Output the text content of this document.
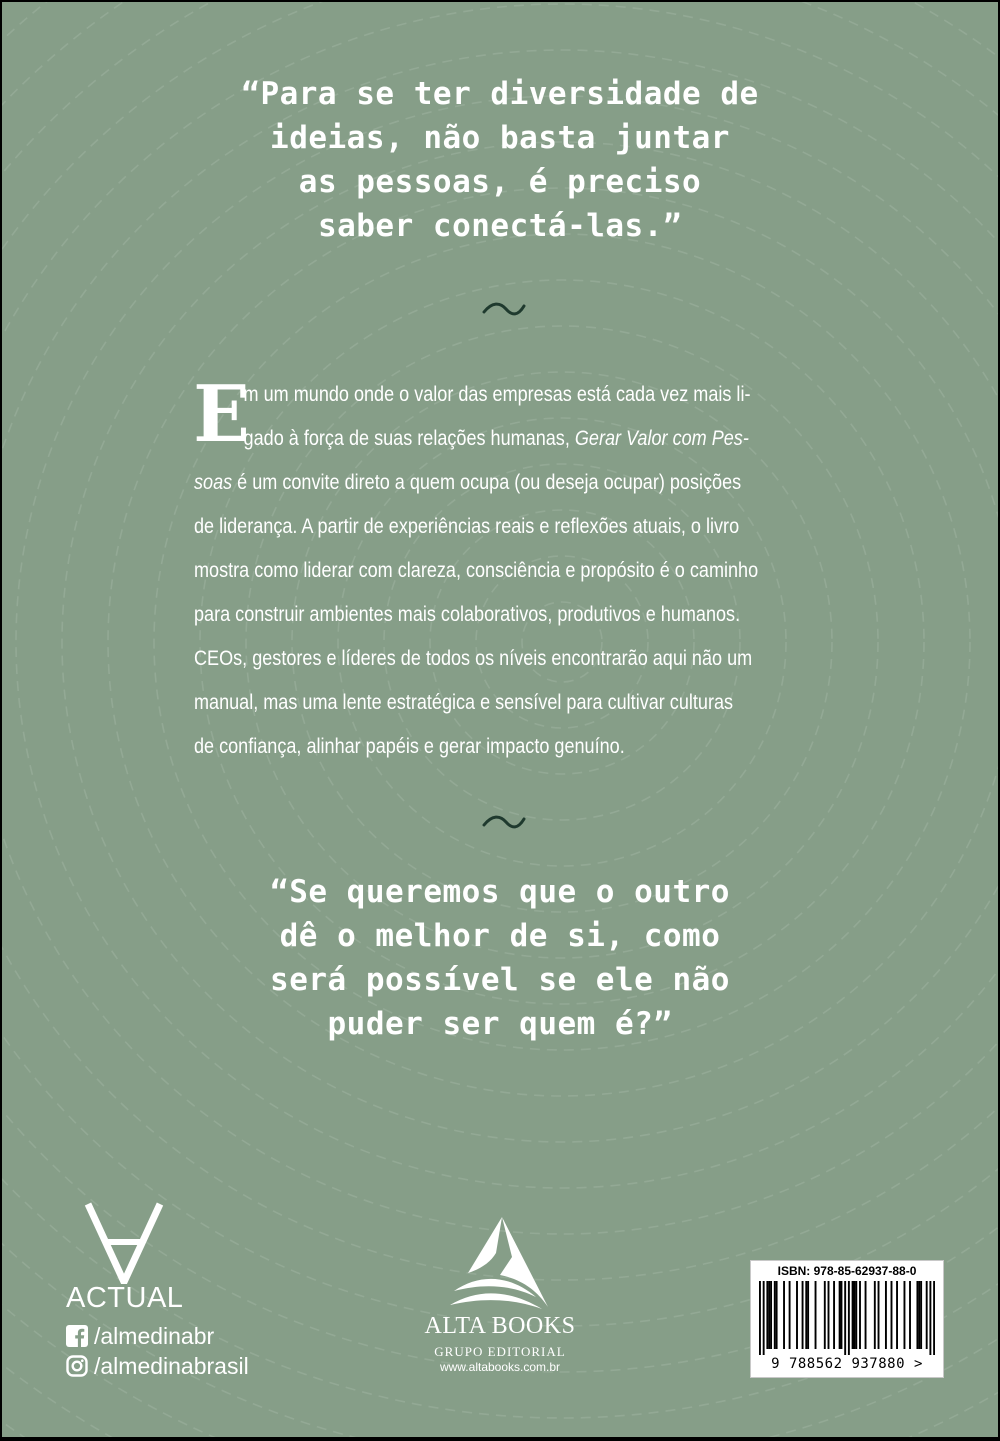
“Para se ter diversidade de
ideias, não basta juntar
as pessoas, é preciso
saber conectá-las.”
E
m um mundo onde o valor das empresas está cada vez mais li-
gado à força de suas relações humanas, Gerar Valor com Pes-
soas é um convite direto a quem ocupa (ou deseja ocupar) posições
de liderança. A partir de experiências reais e reflexões atuais, o livro
mostra como liderar com clareza, consciência e propósito é o caminho
para construir ambientes mais colaborativos, produtivos e humanos.
CEOs, gestores e líderes de todos os níveis encontrarão aqui não um
manual, mas uma lente estratégica e sensível para cultivar culturas
de confiança, alinhar papéis e gerar impacto genuíno.
“Se queremos que o outro
dê o melhor de si, como
será possível se ele não
puder ser quem é?”
ACTUAL
/almedinabr
/almedinabrasil
ALTA BOOKS
GRUPO EDITORIAL
www.altabooks.com.br
ISBN: 978-85-62937-88-0
9 788562 937880 >
